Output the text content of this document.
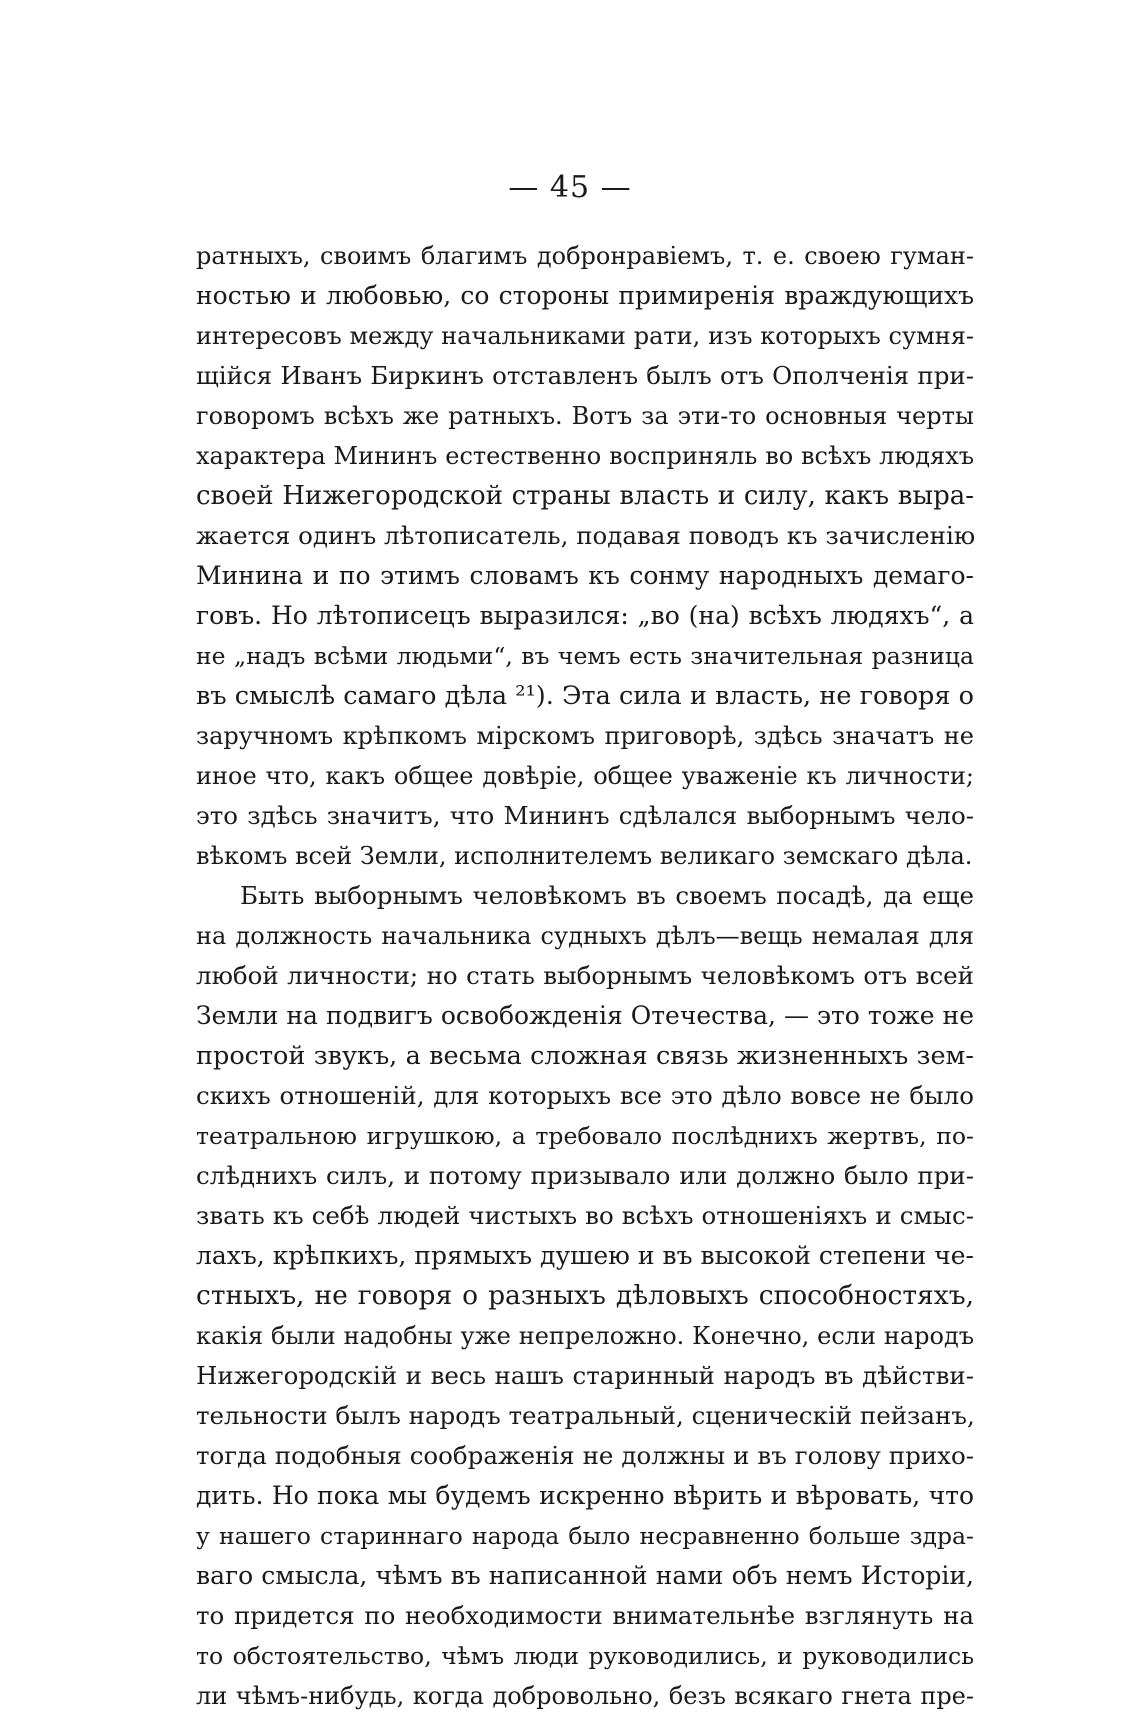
— 45 —
ратныхъ, своимъ благимъ добронравіемъ, т. е. своею гуман-
ностью и любовью, со стороны примиренія враждующихъ
интересовъ между начальниками рати, изъ которыхъ сумня-
щійся Иванъ Биркинъ отставленъ былъ отъ Ополченія при-
говоромъ всѣхъ же ратныхъ. Вотъ за эти-то основныя черты
характера Мининъ естественно восприняль во всѣхъ людяхъ
своей Нижегородской страны власть и силу, какъ выра-
жается одинъ лѣтописатель, подавая поводъ къ зачисленію
Минина и по этимъ словамъ къ сонму народныхъ демаго-
говъ. Но лѣтописецъ выразился: „во (на) всѣхъ людяхъ“, а
не „надъ всѣми людьми“, въ чемъ есть значительная разница
въ смыслѣ самаго дѣла ²¹). Эта сила и власть, не говоря о
заручномъ крѣпкомъ мірскомъ приговорѣ, здѣсь значатъ не
иное что, какъ общее довѣріе, общее уваженіе къ личности;
это здѣсь значитъ, что Мининъ сдѣлался выборнымъ чело-
вѣкомъ всей Земли, исполнителемъ великаго земскаго дѣла.
Быть выборнымъ человѣкомъ въ своемъ посадѣ, да еще
на должность начальника судныхъ дѣлъ—вещь немалая для
любой личности; но стать выборнымъ человѣкомъ отъ всей
Земли на подвигъ освобожденія Отечества, — это тоже не
простой звукъ, а весьма сложная связь жизненныхъ зем-
скихъ отношеній, для которыхъ все это дѣло вовсе не было
театральною игрушкою, а требовало послѣднихъ жертвъ, по-
слѣднихъ силъ, и потому призывало или должно было при-
звать къ себѣ людей чистыхъ во всѣхъ отношеніяхъ и смыс-
лахъ, крѣпкихъ, прямыхъ душею и въ высокой степени че-
стныхъ, не говоря о разныхъ дѣловыхъ способностяхъ,
какія были надобны уже непреложно. Конечно, если народъ
Нижегородскій и весь нашъ старинный народъ въ дѣйстви-
тельности былъ народъ театральный, сценическій пейзанъ,
тогда подобныя соображенія не должны и въ голову прихо-
дить. Но пока мы будемъ искренно вѣрить и вѣровать, что
у нашего стариннаго народа было несравненно больше здра-
ваго смысла, чѣмъ въ написанной нами объ немъ Исторіи,
то придется по необходимости внимательнѣе взглянуть на
то обстоятельство, чѣмъ люди руководились, и руководились
ли чѣмъ-нибудь, когда добровольно, безъ всякаго гнета пре-
